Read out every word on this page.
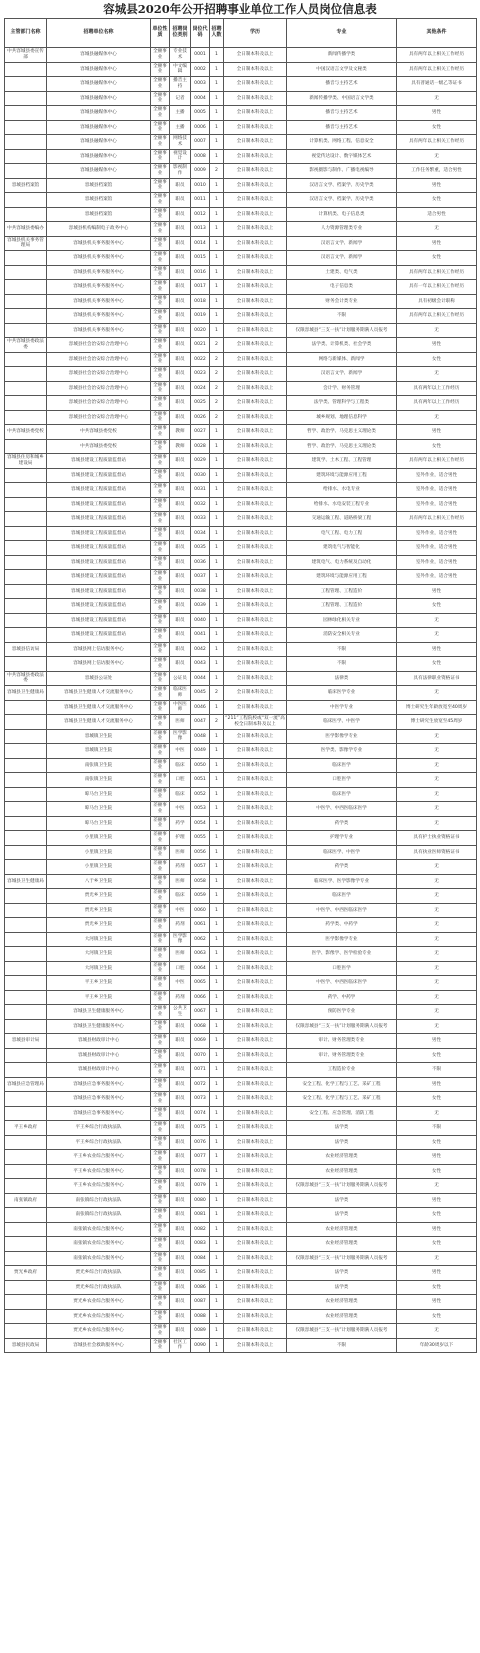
容城县2020年公开招聘事业单位工作人员岗位信息表
主管部门名称	招聘单位名称	单位性质	招聘岗位类别	岗位代码	招聘人数	学历	专业	其他条件
中共容城县委宣传部	容城县融媒体中心	全额事业	专业技术	0001	1	全日制本科及以上	新闻传播学类	具有两年以上相关工作经历
	容城县融媒体中心	全额事业	中文编辑	0002	1	全日制本科及以上	中国汉语言文学及文秘类	具有两年以上相关工作经历
	容城县融媒体中心	全额事业	播音主持	0003	1	全日制本科及以上	播音与主持艺术	具有普通话一级乙等证书
	容城县融媒体中心	全额事业	记者	0004	1	全日制本科及以上	新闻传播学类、中国语言文学类	无
	容城县融媒体中心	全额事业	主播	0005	1	全日制本科及以上	播音与主持艺术	男性
	容城县融媒体中心	全额事业	主播	0006	1	全日制本科及以上	播音与主持艺术	女性
	容城县融媒体中心	全额事业	网络技术	0007	1	全日制本科及以上	计算机类、网络工程、信息安全	具有两年以上相关工作经历
	容城县融媒体中心	全额事业	视觉设计	0008	1	全日制本科及以上	视觉传达设计、数字媒体艺术	无
	容城县融媒体中心	全额事业	影视制作	0009	2	全日制本科及以上	影视摄影与制作、广播电视编导	工作任务繁重，适合男性
容城县档案馆	容城县档案馆	全额事业	职员	0010	1	全日制本科及以上	汉语言文学、档案学、历史学类	男性
	容城县档案馆	全额事业	职员	0011	1	全日制本科及以上	汉语言文学、档案学、历史学类	女性
	容城县档案馆	全额事业	职员	0012	1	全日制本科及以上	计算机类、电子信息类	适合男性
中共容城县委编办	容城县机构编制电子政务中心	全额事业	职员	0013	1	全日制本科及以上	人力资源管理类专业	无
容城县机关事务管理局	容城县机关事务服务中心	全额事业	职员	0014	1	全日制本科及以上	汉语言文学、新闻学	男性
	容城县机关事务服务中心	全额事业	职员	0015	1	全日制本科及以上	汉语言文学、新闻学	女性
	容城县机关事务服务中心	全额事业	职员	0016	1	全日制本科及以上	土建类、电气类	具有两年以上相关工作经历
	容城县机关事务服务中心	全额事业	职员	0017	1	全日制本科及以上	电子信息类	具有一年以上相关工作经历
	容城县机关事务服务中心	全额事业	职员	0018	1	全日制本科及以上	财务会计类专业	具有初级会计职称
	容城县机关事务服务中心	全额事业	职员	0019	1	全日制本科及以上	不限	具有两年以上相关工作经历
	容城县机关事务服务中心	全额事业	职员	0020	1	全日制本科及以上	仅限容城县“三支一扶”计划服务期满人员报考	无
中共容城县委政法委	容城县社会治安综合治理中心	全额事业	职员	0021	2	全日制本科及以上	法学类、计算机类、社会学类	男性
	容城县社会治安综合治理中心	全额事业	职员	0022	2	全日制本科及以上	网络与新媒体、新闻学	女性
	容城县社会治安综合治理中心	全额事业	职员	0023	2	全日制本科及以上	汉语言文学、新闻学	无
	容城县社会治安综合治理中心	全额事业	职员	0024	2	全日制本科及以上	会计学、财务管理	具有两年以上工作经历
	容城县社会治安综合治理中心	全额事业	职员	0025	2	全日制本科及以上	法学类、管理科学与工程类	具有两年以上工作经历
	容城县社会治安综合治理中心	全额事业	职员	0026	2	全日制本科及以上	城乡规划、地理信息科学	无
中共容城县委党校	中共容城县委党校	全额事业	教师	0027	1	全日制本科及以上	哲学、政治学、马克思主义理论类	男性
	中共容城县委党校	全额事业	教师	0028	1	全日制本科及以上	哲学、政治学、马克思主义理论类	女性
容城县住房和城乡建设局	容城县建设工程质量监督站	全额事业	职员	0029	1	全日制本科及以上	建筑学、土木工程、工程管理	具有两年以上相关工作经历
	容城县建设工程质量监督站	全额事业	职员	0030	1	全日制本科及以上	建筑环境与能源应用工程	室外作业，适合男性
	容城县建设工程质量监督站	全额事业	职员	0031	1	全日制本科及以上	给排水、水电专业	室外作业，适合男性
	容城县建设工程质量监督站	全额事业	职员	0032	1	全日制本科及以上	给排水、水电安装工程专业	室外作业，适合男性
	容城县建设工程质量监督站	全额事业	职员	0033	1	全日制本科及以上	交通运输工程、道路桥梁工程	具有两年以上相关工作经历
	容城县建设工程质量监督站	全额事业	职员	0034	1	全日制本科及以上	电气工程、电力工程	室外作业，适合男性
	容城县建设工程质量监督站	全额事业	职员	0035	1	全日制本科及以上	建筑电气与智能化	室外作业，适合男性
	容城县建设工程质量监督站	全额事业	职员	0036	1	全日制本科及以上	建筑电气、电力系统及自动化	室外作业，适合男性
	容城县建设工程质量监督站	全额事业	职员	0037	1	全日制本科及以上	建筑环境与能源应用工程	室外作业，适合男性
	容城县建设工程质量监督站	全额事业	职员	0038	1	全日制本科及以上	工程管理、工程造价	男性
	容城县建设工程质量监督站	全额事业	职员	0039	1	全日制本科及以上	工程管理、工程造价	女性
	容城县建设工程质量监督站	全额事业	职员	0040	1	全日制本科及以上	园林绿化相关专业	无
	容城县建设工程质量监督站	全额事业	职员	0041	1	全日制本科及以上	消防安全相关专业	无
容城县信访局	容城县网上信访服务中心	全额事业	职员	0042	1	全日制本科及以上	不限	男性
	容城县网上信访服务中心	全额事业	职员	0043	1	全日制本科及以上	不限	女性
中共容城县委政法委	容城县公证处	全额事业	公证员	0044	1	全日制本科及以上	法律类	具有法律职业资格证书
容城县卫生健康局	容城县卫生健康人才交流服务中心	全额事业	临床医师	0045	2	全日制本科及以上	临床医学专业	无
	容城县卫生健康人才交流服务中心	全额事业	中医医师	0046	1	全日制本科及以上	中医学专业	博士研究生年龄放宽至40周岁
	容城县卫生健康人才交流服务中心	全额事业	医师	0047	2	“211”工程院校或“双一流”高校全日制本科及以上	临床医学、中医学	博士研究生放宽至45周岁
	容城镇卫生院	差额事业	医学影像	0048	1	全日制本科及以上	医学影像学专业	无
	容城镇卫生院	差额事业	中医	0049	1	全日制本科及以上	医学类、影像学专业	无
	南张镇卫生院	差额事业	临床	0050	1	全日制本科及以上	临床医学	无
	南张镇卫生院	差额事业	口腔	0051	1	全日制本科及以上	口腔医学	无
	晾马台卫生院	差额事业	临床	0052	1	全日制本科及以上	临床医学	无
	晾马台卫生院	差额事业	中医	0053	1	全日制本科及以上	中医学、中西医临床医学	无
	晾马台卫生院	差额事业	药学	0054	1	全日制本科及以上	药学类	无
	小里镇卫生院	差额事业	护理	0055	1	全日制本科及以上	护理学专业	具有护士执业资格证书
	小里镇卫生院	差额事业	医师	0056	1	全日制本科及以上	临床医学、中医学	具有执业医师资格证书
	小里镇卫生院	差额事业	药剂	0057	1	全日制本科及以上	药学类	无
容城县卫生健康局	八于乡卫生院	差额事业	医师	0058	1	全日制本科及以上	临床医学、医学影像学专业	无
	贾光乡卫生院	差额事业	临床	0059	1	全日制本科及以上	临床医学	无
	贾光乡卫生院	差额事业	中医	0060	1	全日制本科及以上	中医学、中西医临床医学	无
	贾光乡卫生院	差额事业	药剂	0061	1	全日制本科及以上	药学类、中药学	无
	大河镇卫生院	差额事业	医学影像	0062	1	全日制本科及以上	医学影像学专业	无
	大河镇卫生院	差额事业	医师	0063	1	全日制本科及以上	医学、影像学、医学检验专业	无
	大河镇卫生院	差额事业	口腔	0064	1	全日制本科及以上	口腔医学	无
	平王乡卫生院	差额事业	中医	0065	1	全日制本科及以上	中医学、中西医临床医学	无
	平王乡卫生院	差额事业	药剂	0066	1	全日制本科及以上	药学、中药学	无
	容城县卫生健康服务中心	全额事业	公共卫生	0067	1	全日制本科及以上	预防医学专业	无
	容城县卫生健康服务中心	全额事业	职员	0068	1	全日制本科及以上	仅限容城县“三支一扶”计划服务期满人员报考	无
容城县审计局	容城县财政审计中心	全额事业	职员	0069	1	全日制本科及以上	审计、财务管理类专业	男性
	容城县财政审计中心	全额事业	职员	0070	1	全日制本科及以上	审计、财务管理类专业	女性
	容城县财政审计中心	全额事业	职员	0071	1	全日制本科及以上	工程造价专业	不限
容城县应急管理局	容城县应急事务服务中心	全额事业	职员	0072	1	全日制本科及以上	安全工程、化学工程与工艺、采矿工程	男性
	容城县应急事务服务中心	全额事业	职员	0073	1	全日制本科及以上	安全工程、化学工程与工艺、采矿工程	女性
	容城县应急事务服务中心	全额事业	职员	0074	1	全日制本科及以上	安全工程、应急管理、消防工程	无
平王乡政府	平王乡综合行政执法队	全额事业	职员	0075	1	全日制本科及以上	法学类	不限
	平王乡综合行政执法队	全额事业	职员	0076	1	全日制本科及以上	法学类	女性
	平王乡农业综合服务中心	全额事业	职员	0077	1	全日制本科及以上	农业经济管理类	男性
	平王乡农业综合服务中心	全额事业	职员	0078	1	全日制本科及以上	农业经济管理类	女性
	平王乡农业综合服务中心	全额事业	职员	0079	1	全日制本科及以上	仅限容城县“三支一扶”计划服务期满人员报考	无
南张镇政府	南张镇综合行政执法队	全额事业	职员	0080	1	全日制本科及以上	法学类	男性
	南张镇综合行政执法队	全额事业	职员	0081	1	全日制本科及以上	法学类	女性
	南张镇农业综合服务中心	全额事业	职员	0082	1	全日制本科及以上	农业经济管理类	男性
	南张镇农业综合服务中心	全额事业	职员	0083	1	全日制本科及以上	农业经济管理类	女性
	南张镇农业综合服务中心	全额事业	职员	0084	1	全日制本科及以上	仅限容城县“三支一扶”计划服务期满人员报考	无
贾光乡政府	贾光乡综合行政执法队	全额事业	职员	0085	1	全日制本科及以上	法学类	男性
	贾光乡综合行政执法队	全额事业	职员	0086	1	全日制本科及以上	法学类	女性
	贾光乡农业综合服务中心	全额事业	职员	0087	1	全日制本科及以上	农业经济管理类	男性
	贾光乡农业综合服务中心	全额事业	职员	0088	1	全日制本科及以上	农业经济管理类	女性
	贾光乡农业综合服务中心	全额事业	职员	0089	1	全日制本科及以上	仅限容城县“三支一扶”计划服务期满人员报考	无
容城县民政局	容城县社会救助服务中心	全额事业	社区工作	0090	1	全日制本科及以上	不限	年龄30周岁以下
